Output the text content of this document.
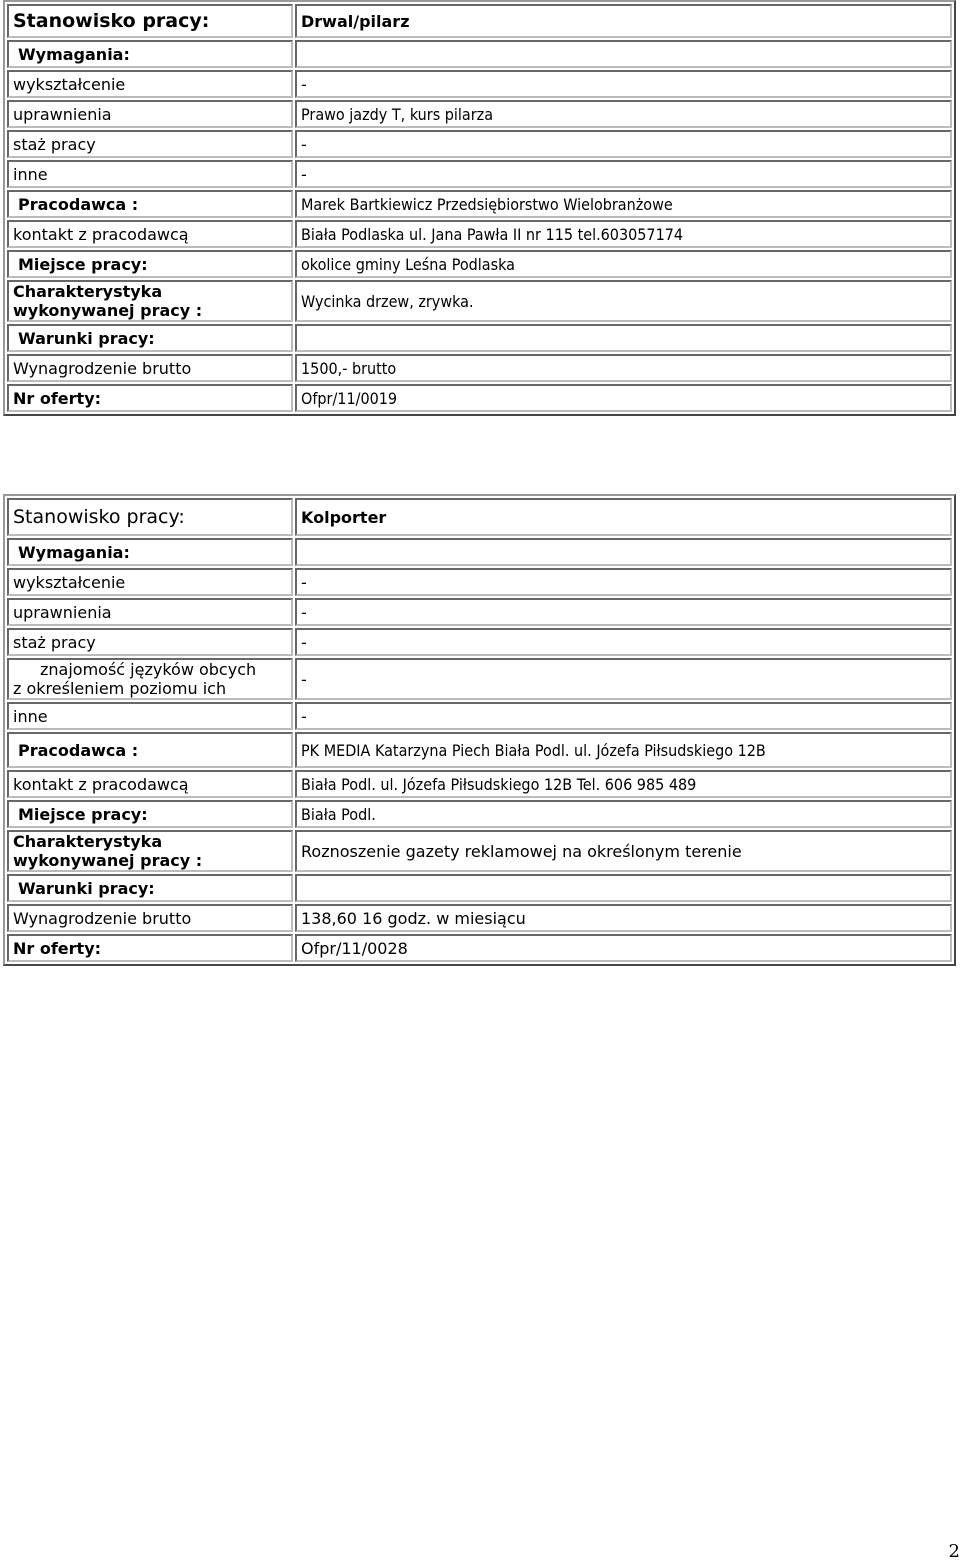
Stanowisko pracy:	Drwal/pilarz
Wymagania:	
wykształcenie	-
uprawnienia	Prawo jazdy T, kurs pilarza
staż pracy	-
inne	-
Pracodawca :	Marek Bartkiewicz Przedsiębiorstwo Wielobranżowe
kontakt z pracodawcą	Biała Podlaska ul. Jana Pawła II nr 115 tel.603057174
Miejsce pracy:	okolice gminy Leśna Podlaska
Charakterystyka
wykonywanej pracy :	Wycinka drzew, zrywka.
Warunki pracy:	
Wynagrodzenie brutto	1500,- brutto
Nr oferty:	Ofpr/11/0019
Stanowisko pracy:	Kolporter
Wymagania:	
wykształcenie	-
uprawnienia	-
staż pracy	-
znajomość języków obcych
z określeniem poziomu ich	-
inne	-
Pracodawca :	PK MEDIA Katarzyna Piech Biała Podl. ul. Józefa Piłsudskiego 12B
kontakt z pracodawcą	Biała Podl. ul. Józefa Piłsudskiego 12B Tel. 606 985 489
Miejsce pracy:	Biała Podl.
Charakterystyka
wykonywanej pracy :	Roznoszenie gazety reklamowej na określonym terenie
Warunki pracy:	
Wynagrodzenie brutto	138,60 16 godz. w miesiącu
Nr oferty:	Ofpr/11/0028
2
